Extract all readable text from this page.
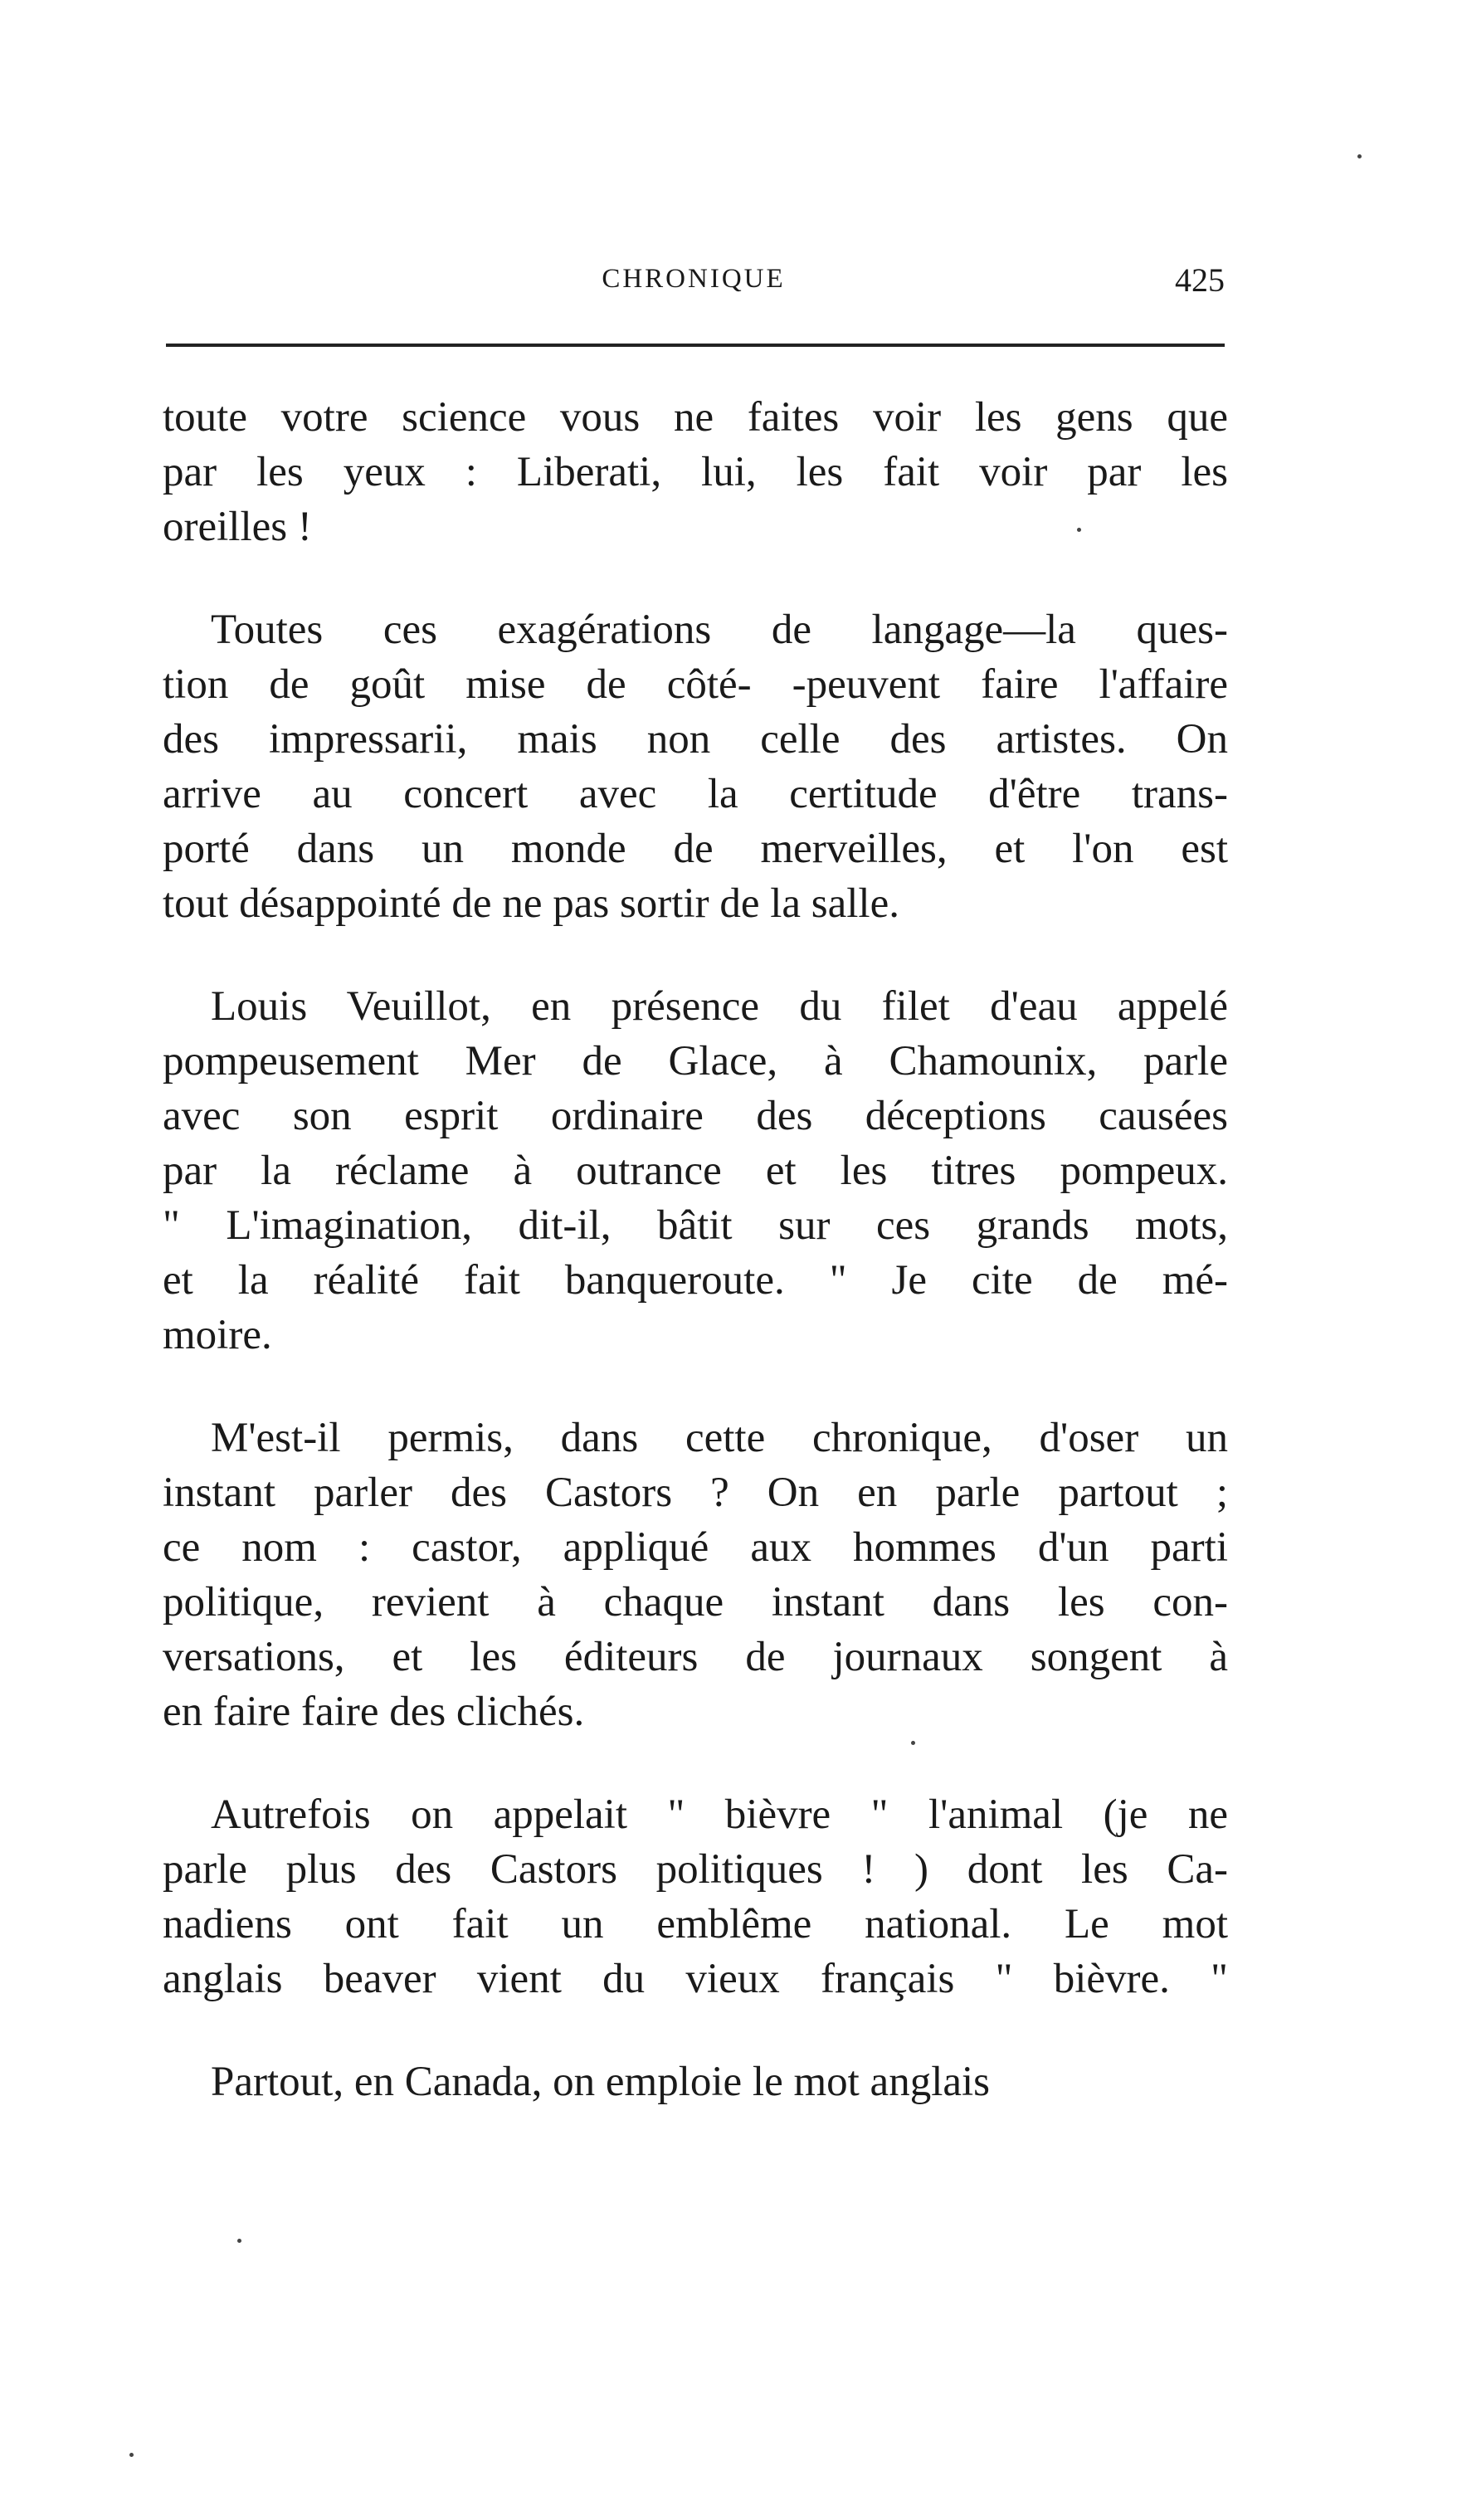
CHRONIQUE	425

toute votre science vous ne faites voir les gens que
par les yeux : Liberati, lui, les fait voir par les
oreilles !

Toutes ces exagérations de langage—la ques-
tion de goût mise de côté- -peuvent faire l'affaire
des impressarii, mais non celle des artistes. On
arrive au concert avec la certitude d'être trans-
porté dans un monde de merveilles, et l'on est
tout désappointé de ne pas sortir de la salle.

Louis Veuillot, en présence du filet d'eau appelé
pompeusement Mer de Glace, à Chamounix, parle
avec son esprit ordinaire des déceptions causées
par la réclame à outrance et les titres pompeux.
" L'imagination, dit-il, bâtit sur ces grands mots,
et la réalité fait banqueroute. " Je cite de mé-
moire.

M'est-il permis, dans cette chronique, d'oser un
instant parler des Castors ? On en parle partout ;
ce nom : castor, appliqué aux hommes d'un parti
politique, revient à chaque instant dans les con-
versations, et les éditeurs de journaux songent à
en faire faire des clichés.

Autrefois on appelait " bièvre " l'animal (je ne
parle plus des Castors politiques ! ) dont les Ca-
nadiens ont fait un emblême national. Le mot
anglais beaver vient du vieux français " bièvre. "

Partout, en Canada, on emploie le mot anglais
